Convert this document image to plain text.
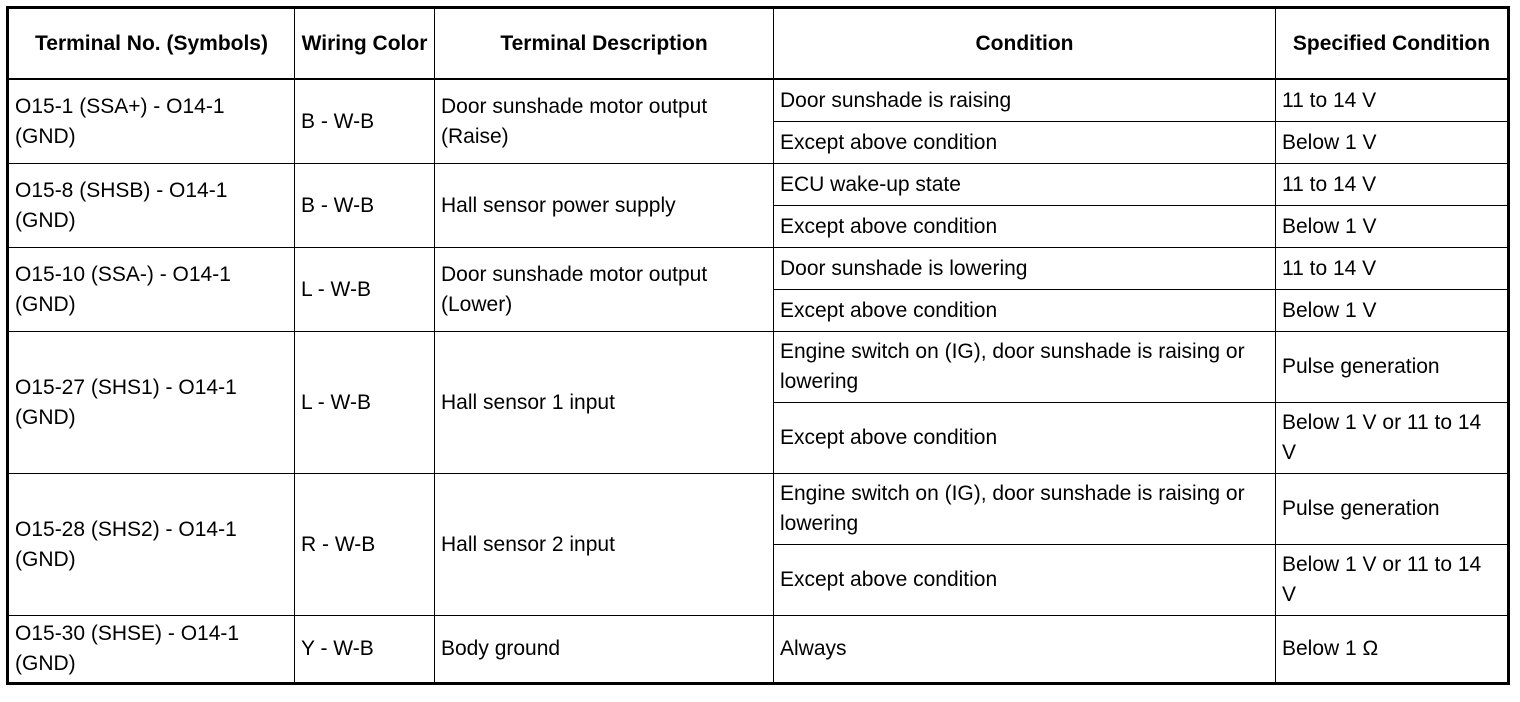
Terminal No. (Symbols)	Wiring Color	Terminal Description	Condition	Specified Condition
O15-1 (SSA+) - O14-1 (GND)	B - W-B	Door sunshade motor output (Raise)	Door sunshade is raising	11 to 14 V
			Except above condition	Below 1 V
O15-8 (SHSB) - O14-1 (GND)	B - W-B	Hall sensor power supply	ECU wake-up state	11 to 14 V
			Except above condition	Below 1 V
O15-10 (SSA-) - O14-1 (GND)	L - W-B	Door sunshade motor output (Lower)	Door sunshade is lowering	11 to 14 V
			Except above condition	Below 1 V
O15-27 (SHS1) - O14-1 (GND)	L - W-B	Hall sensor 1 input	Engine switch on (IG), door sunshade is raising or lowering	Pulse generation
			Except above condition	Below 1 V or 11 to 14 V
O15-28 (SHS2) - O14-1 (GND)	R - W-B	Hall sensor 2 input	Engine switch on (IG), door sunshade is raising or lowering	Pulse generation
			Except above condition	Below 1 V or 11 to 14 V
O15-30 (SHSE) - O14-1 (GND)	Y - W-B	Body ground	Always	Below 1 Ω
